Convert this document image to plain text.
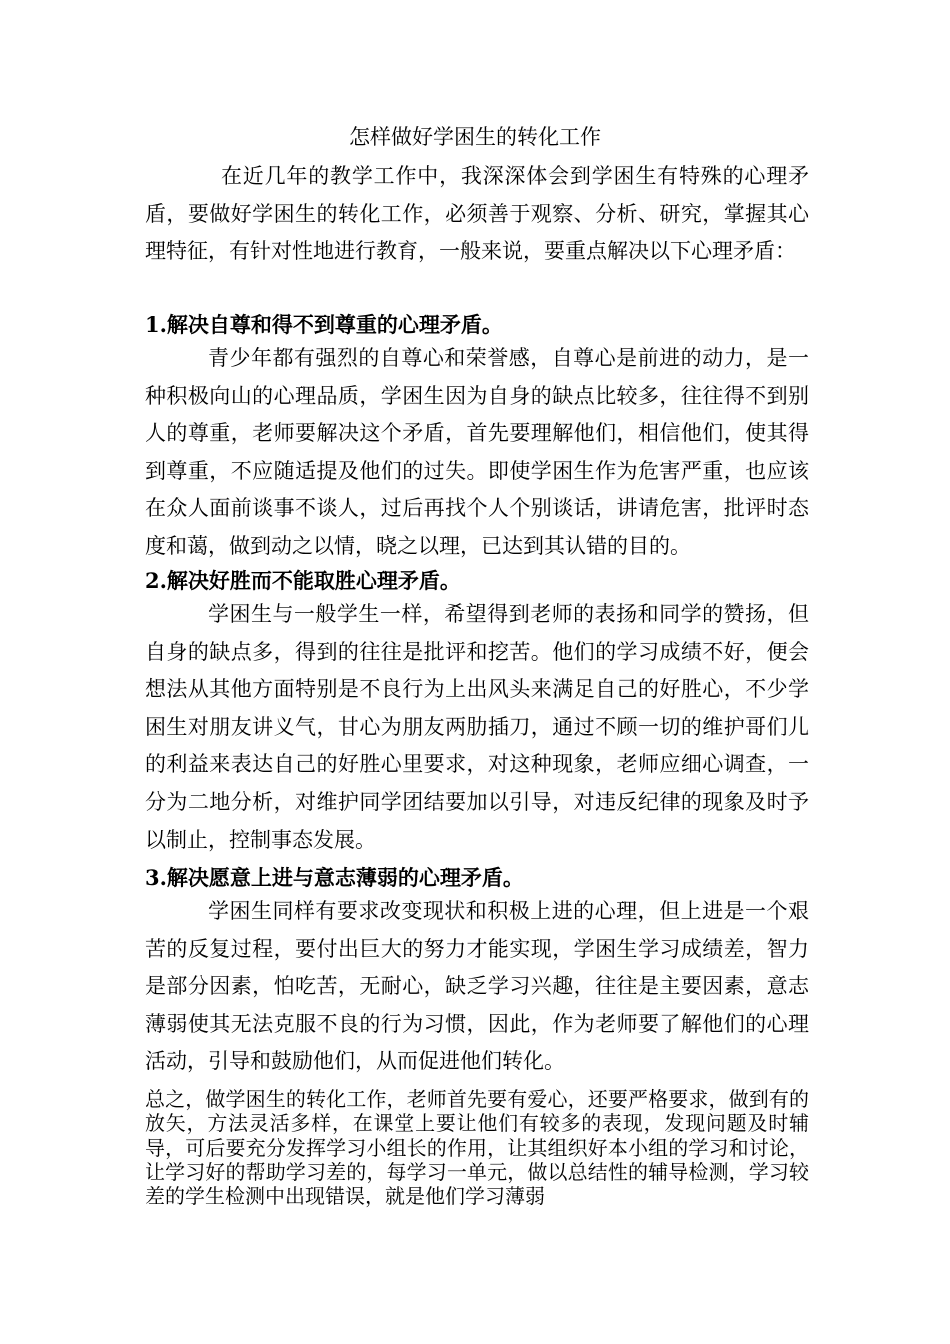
怎样做好学困生的转化工作

在近几年的教学工作中，我深深体会到学困生有特殊的心理矛盾，要做好学困生的转化工作，必须善于观察、分析、研究，掌握其心理特征，有针对性地进行教育，一般来说，要重点解决以下心理矛盾：

1.解决自尊和得不到尊重的心理矛盾。

青少年都有强烈的自尊心和荣誉感，自尊心是前进的动力，是一种积极向山的心理品质，学困生因为自身的缺点比较多，往往得不到别人的尊重，老师要解决这个矛盾，首先要理解他们，相信他们，使其得到尊重，不应随适提及他们的过失。即使学困生作为危害严重，也应该在众人面前谈事不谈人，过后再找个人个别谈话，讲请危害，批评时态度和蔼，做到动之以情，晓之以理，已达到其认错的目的。

2.解决好胜而不能取胜心理矛盾。

学困生与一般学生一样，希望得到老师的表扬和同学的赞扬，但自身的缺点多，得到的往往是批评和挖苦。他们的学习成绩不好，便会想法从其他方面特别是不良行为上出风头来满足自己的好胜心，不少学困生对朋友讲义气，甘心为朋友两肋插刀，通过不顾一切的维护哥们儿的利益来表达自己的好胜心里要求，对这种现象，老师应细心调查，一分为二地分析，对维护同学团结要加以引导，对违反纪律的现象及时予以制止，控制事态发展。

3.解决愿意上进与意志薄弱的心理矛盾。

学困生同样有要求改变现状和积极上进的心理，但上进是一个艰苦的反复过程，要付出巨大的努力才能实现，学困生学习成绩差，智力是部分因素，怕吃苦，无耐心，缺乏学习兴趣，往往是主要因素，意志薄弱使其无法克服不良的行为习惯，因此，作为老师要了解他们的心理活动，引导和鼓励他们，从而促进他们转化。

总之，做学困生的转化工作，老师首先要有爱心，还要严格要求，做到有的放矢，方法灵活多样，在课堂上要让他们有较多的表现，发现问题及时辅导，可后要充分发挥学习小组长的作用，让其组织好本小组的学习和讨论，让学习好的帮助学习差的，每学习一单元，做以总结性的辅导检测，学习较差的学生检测中出现错误，就是他们学习薄弱
